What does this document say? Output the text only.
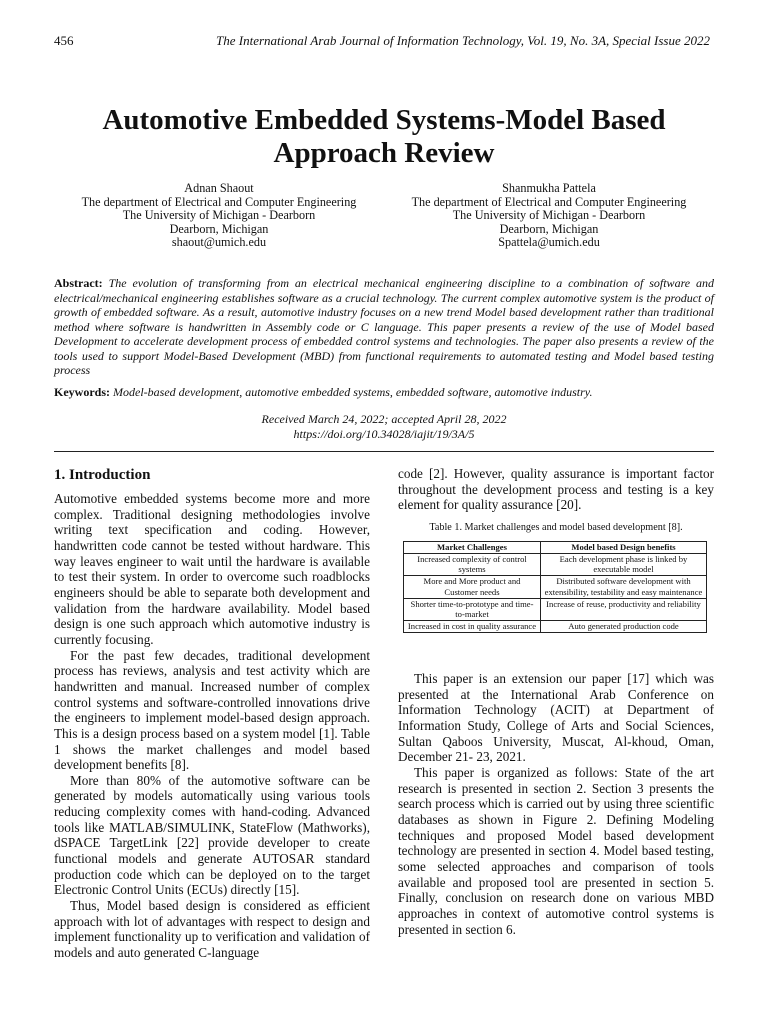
456	The International Arab Journal of Information Technology, Vol. 19, No. 3A, Special Issue 2022
Automotive Embedded Systems-Model Based
Approach Review
Adnan Shaout
The department of Electrical and Computer Engineering
The University of Michigan - Dearborn
Dearborn, Michigan
shaout@umich.edu
Shanmukha Pattela
The department of Electrical and Computer Engineering
The University of Michigan - Dearborn
Dearborn, Michigan
Spattela@umich.edu
Abstract: The evolution of transforming from an electrical mechanical engineering discipline to a combination of software and electrical/mechanical engineering establishes software as a crucial technology. The current complex automotive system is the product of growth of embedded software. As a result, automotive industry focuses on a new trend Model based development rather than traditional method where software is handwritten in Assembly code or C language. This paper presents a review of the use of Model based Development to accelerate development process of embedded control systems and technologies. The paper also presents a review of the tools used to support Model-Based Development (MBD) from functional requirements to automated testing and Model based testing process
Keywords: Model-based development, automotive embedded systems, embedded software, automotive industry.
Received March 24, 2022; accepted April 28, 2022
https://doi.org/10.34028/iajit/19/3A/5
1. Introduction

Automotive embedded systems become more and more complex. Traditional designing methodologies involve writing text specification and coding. However, handwritten code cannot be tested without hardware. This way leaves engineer to wait until the hardware is available to test their system. In order to overcome such roadblocks engineers should be able to separate both development and validation from the hardware availability. Model based design is one such approach which automotive industry is currently focusing.

For the past few decades, traditional development process has reviews, analysis and test activity which are handwritten and manual. Increased number of complex control systems and software-controlled innovations drive the engineers to implement model-based design approach. This is a design process based on a system model [1]. Table 1 shows the market challenges and model based development benefits [8].

More than 80% of the automotive software can be generated by models automatically using various tools reducing complexity comes with hand-coding. Advanced tools like MATLAB/SIMULINK, StateFlow (Mathworks), dSPACE TargetLink [22] provide developer to create functional models and generate AUTOSAR standard production code which can be deployed on to the target Electronic Control Units (ECUs) directly [15].

Thus, Model based design is considered as efficient approach with lot of advantages with respect to design and implement functionality up to verification and validation of models and auto generated C-language

code [2]. However, quality assurance is important factor throughout the development process and testing is a key element for quality assurance [20].

Table 1. Market challenges and model based development [8].
Market Challenges	Model based Design benefits
Increased complexity of control systems	Each development phase is linked by executable model
More and More product and Customer needs	Distributed software development with extensibility, testability and easy maintenance
Shorter time-to-prototype and time-to-market	Increase of reuse, productivity and reliability
Increased in cost in quality assurance	Auto generated production code

This paper is an extension our paper [17] which was presented at the International Arab Conference on Information Technology (ACIT) at Department of Information Study, College of Arts and Social Sciences, Sultan Qaboos University, Muscat, Al-khoud, Oman, December 21- 23, 2021.

This paper is organized as follows: State of the art research is presented in section 2. Section 3 presents the search process which is carried out by using three scientific databases as shown in Figure 2. Defining Modeling techniques and proposed Model based development technology are presented in section 4. Model based testing, some selected approaches and comparison of tools available and proposed tool are presented in section 5. Finally, conclusion on research done on various MBD approaches in context of automotive control systems is presented in section 6.
